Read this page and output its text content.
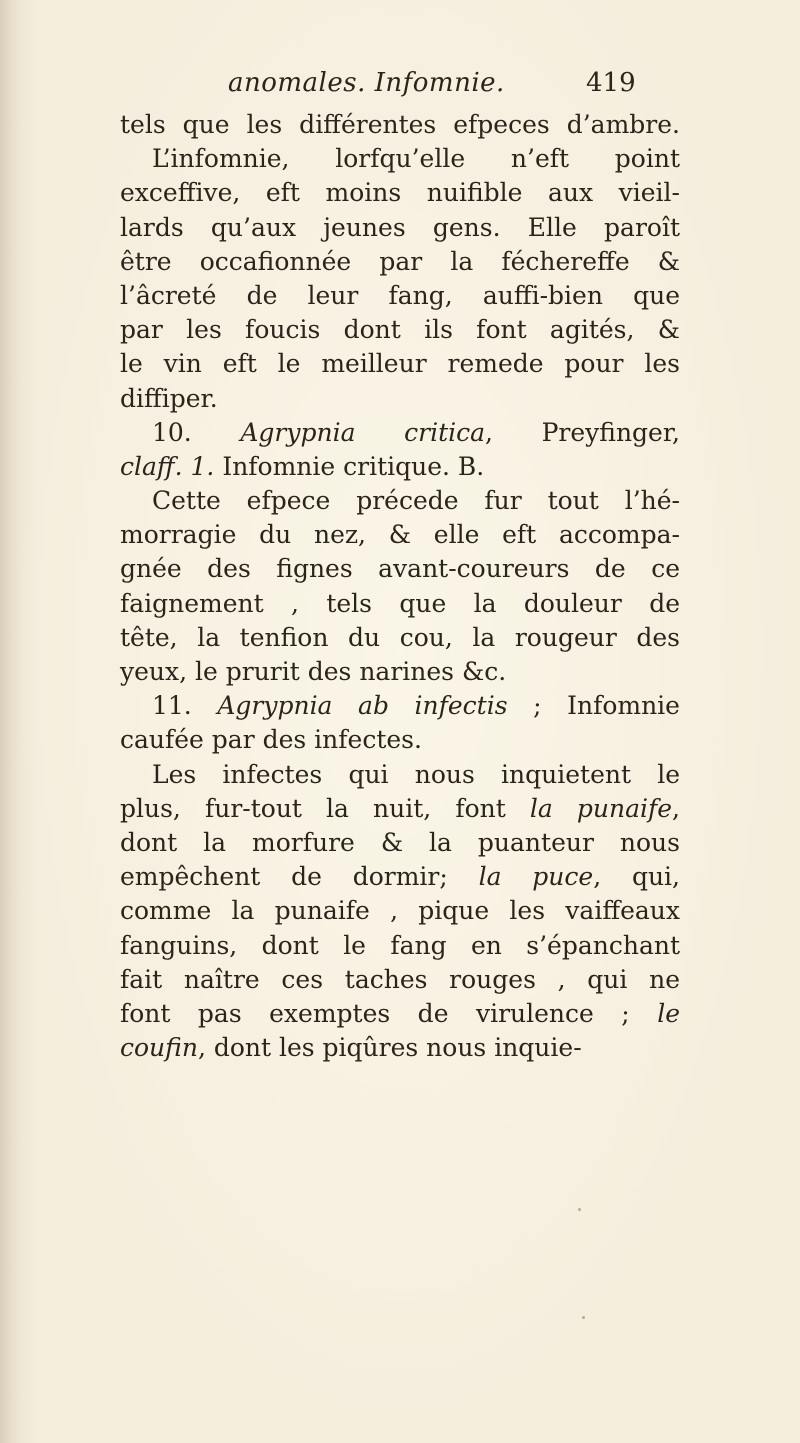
anomales. Infomnie.	419
tels que les différentes efpeces d’ambre.
L’infomnie, lorfqu’elle n’eft point
exceffive, eft moins nuifible aux vieil-
lards qu’aux jeunes gens. Elle paroît
être occafionnée par la féchereffe &
l’âcreté de leur fang, auffi-bien que
par les foucis dont ils font agités, &
le vin eft le meilleur remede pour les
diffiper.
10. Agrypnia critica, Preyfinger,
claff. 1. Infomnie critique. B.
Cette efpece précede fur tout l’hé-
morragie du nez, & elle eft accompa-
gnée des fignes avant-coureurs de ce
faignement , tels que la douleur de
tête, la tenfion du cou, la rougeur des
yeux, le prurit des narines &c.
11. Agrypnia ab infectis ; Infomnie
caufée par des infectes.
Les infectes qui nous inquietent le
plus, fur-tout la nuit, font la punaife,
dont la morfure & la puanteur nous
empêchent de dormir; la puce, qui,
comme la punaife , pique les vaiffeaux
fanguins, dont le fang en s’épanchant
fait naître ces taches rouges , qui ne
font pas exemptes de virulence ; le
coufin, dont les piqûres nous inquie-
